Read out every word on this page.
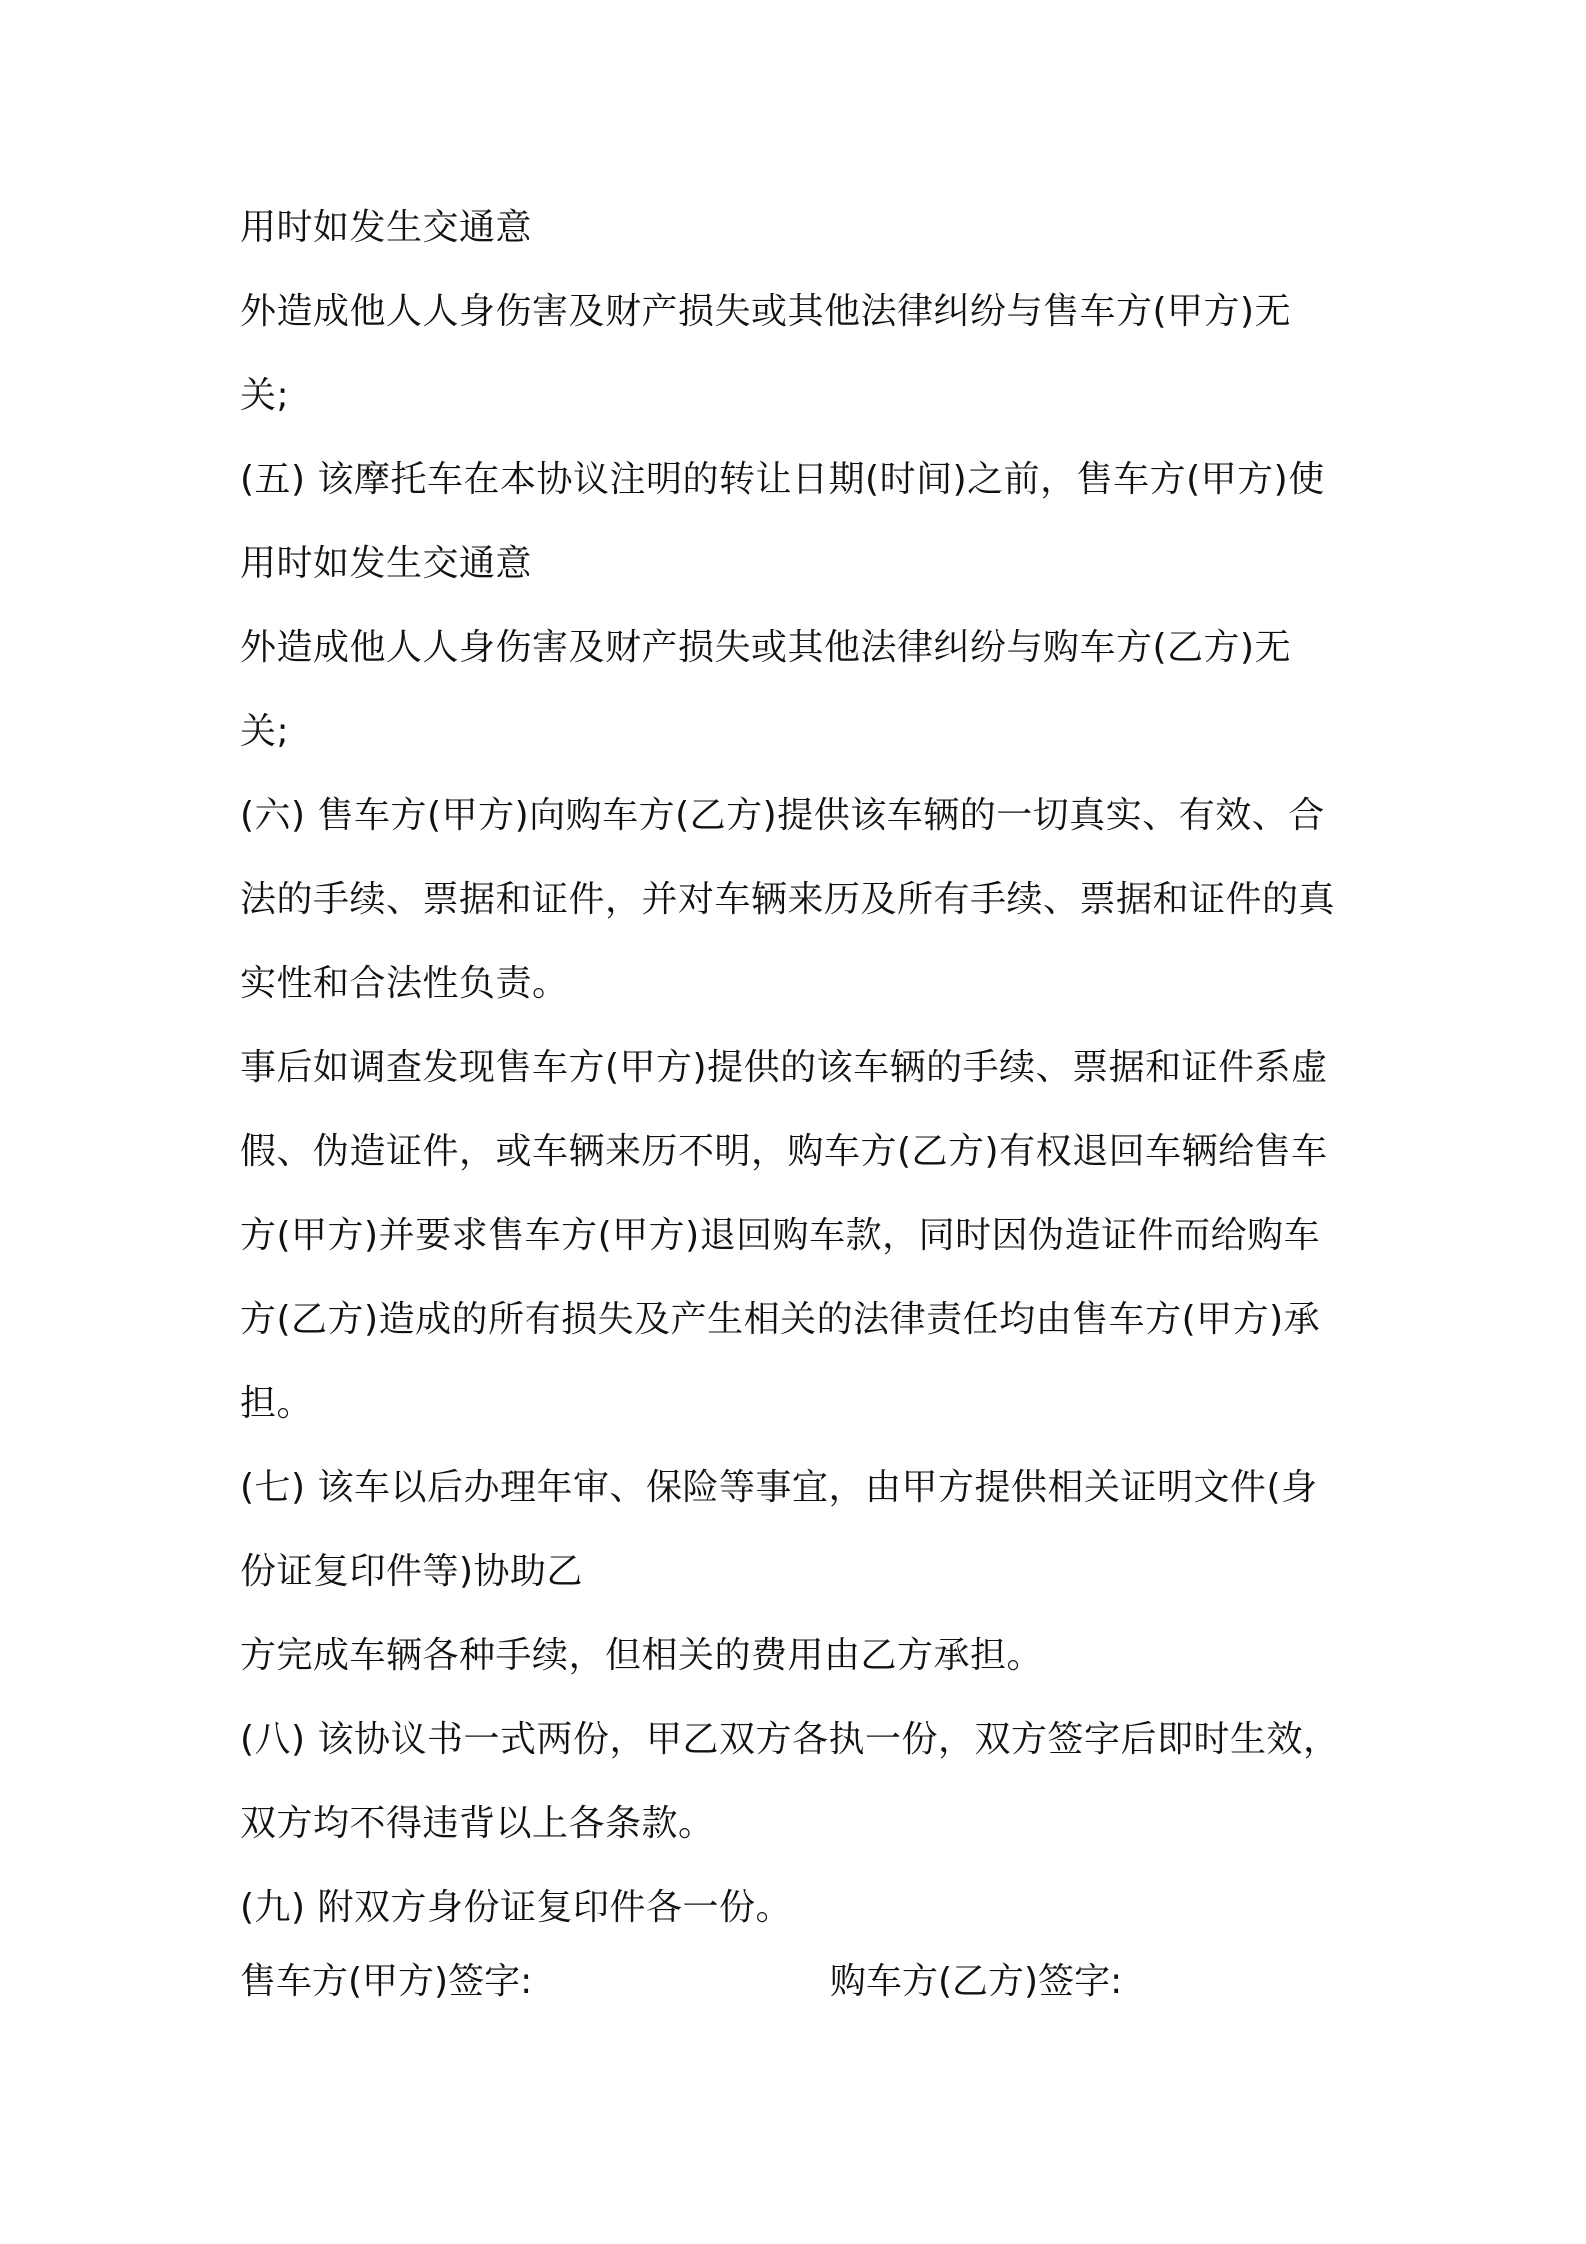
用时如发生交通意
外造成他人人身伤害及财产损失或其他法律纠纷与售车方(甲方)无
关;
(五) 该摩托车在本协议注明的转让日期(时间)之前，售车方(甲方)使
用时如发生交通意
外造成他人人身伤害及财产损失或其他法律纠纷与购车方(乙方)无
关;
(六) 售车方(甲方)向购车方(乙方)提供该车辆的一切真实、有效、合
法的手续、票据和证件，并对车辆来历及所有手续、票据和证件的真
实性和合法性负责。
事后如调查发现售车方(甲方)提供的该车辆的手续、票据和证件系虚
假、伪造证件，或车辆来历不明，购车方(乙方)有权退回车辆给售车
方(甲方)并要求售车方(甲方)退回购车款，同时因伪造证件而给购车
方(乙方)造成的所有损失及产生相关的法律责任均由售车方(甲方)承
担。
(七) 该车以后办理年审、保险等事宜，由甲方提供相关证明文件(身
份证复印件等)协助乙
方完成车辆各种手续，但相关的费用由乙方承担。
(八) 该协议书一式两份，甲乙双方各执一份，双方签字后即时生效，
双方均不得违背以上各条款。
(九) 附双方身份证复印件各一份。
售车方(甲方)签字:	购车方(乙方)签字:
